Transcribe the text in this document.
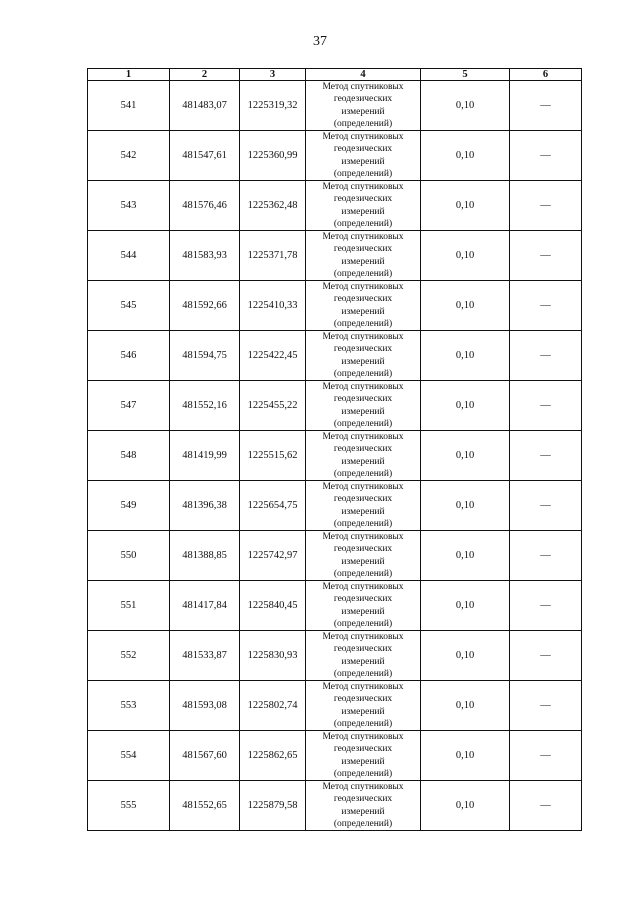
37
1	2	3	4	5	6
541	481483,07	1225319,32	Метод спутниковых
геодезических
измерений
(определений)	0,10	—
542	481547,61	1225360,99	Метод спутниковых
геодезических
измерений
(определений)	0,10	—
543	481576,46	1225362,48	Метод спутниковых
геодезических
измерений
(определений)	0,10	—
544	481583,93	1225371,78	Метод спутниковых
геодезических
измерений
(определений)	0,10	—
545	481592,66	1225410,33	Метод спутниковых
геодезических
измерений
(определений)	0,10	—
546	481594,75	1225422,45	Метод спутниковых
геодезических
измерений
(определений)	0,10	—
547	481552,16	1225455,22	Метод спутниковых
геодезических
измерений
(определений)	0,10	—
548	481419,99	1225515,62	Метод спутниковых
геодезических
измерений
(определений)	0,10	—
549	481396,38	1225654,75	Метод спутниковых
геодезических
измерений
(определений)	0,10	—
550	481388,85	1225742,97	Метод спутниковых
геодезических
измерений
(определений)	0,10	—
551	481417,84	1225840,45	Метод спутниковых
геодезических
измерений
(определений)	0,10	—
552	481533,87	1225830,93	Метод спутниковых
геодезических
измерений
(определений)	0,10	—
553	481593,08	1225802,74	Метод спутниковых
геодезических
измерений
(определений)	0,10	—
554	481567,60	1225862,65	Метод спутниковых
геодезических
измерений
(определений)	0,10	—
555	481552,65	1225879,58	Метод спутниковых
геодезических
измерений
(определений)	0,10	—
